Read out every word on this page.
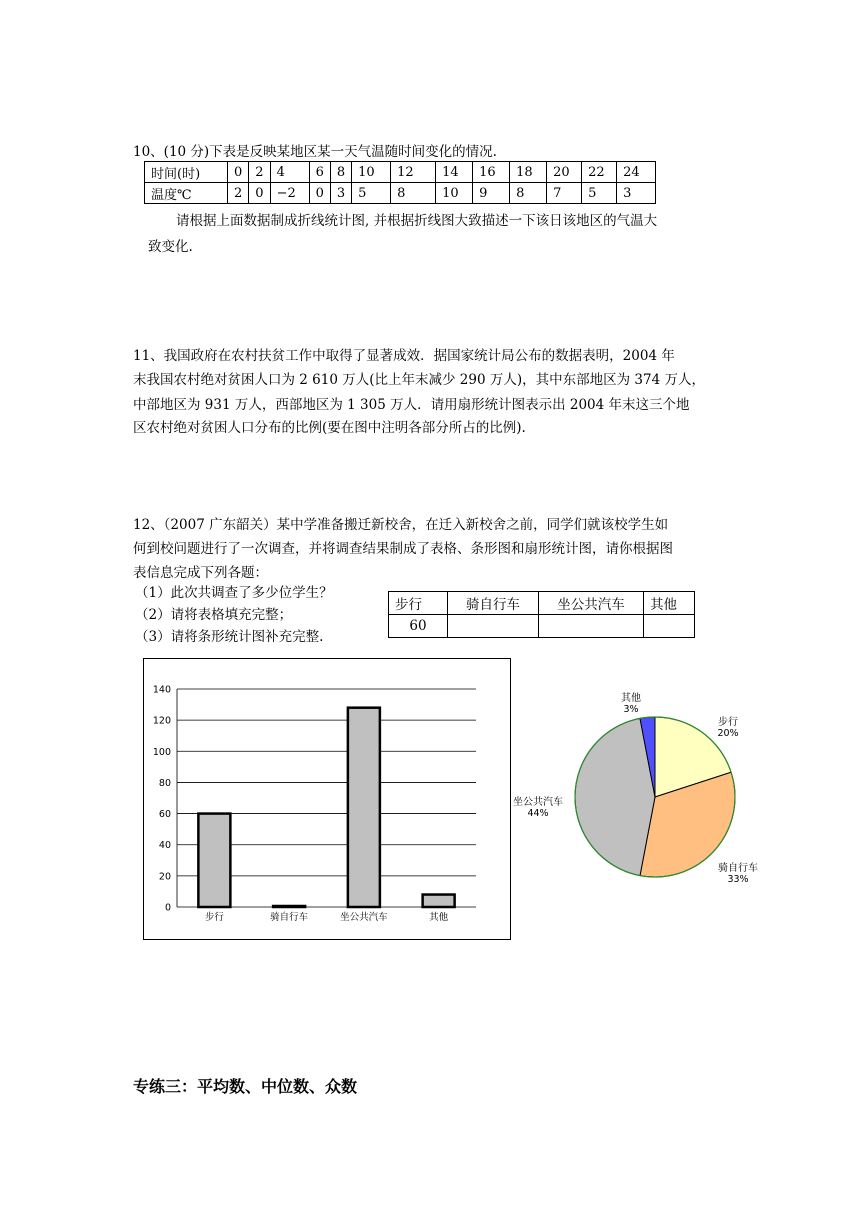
10、(10 分)下表是反映某地区某一天气温随时间变化的情况.
时间(时)	0	2	4	6	8	10	12	14	16	18	20	22	24
温度℃	2	0	−2	0	3	5	8	10	9	8	7	5	3
请根据上面数据制成折线统计图, 并根据折线图大致描述一下该日该地区的气温大
致变化.
11、我国政府在农村扶贫工作中取得了显著成效．据国家统计局公布的数据表明，2004 年
末我国农村绝对贫困人口为 2 610 万人(比上年末减少 290 万人)，其中东部地区为 374 万人，
中部地区为 931 万人，西部地区为 1 305 万人．请用扇形统计图表示出 2004 年末这三个地
区农村绝对贫困人口分布的比例(要在图中注明各部分所占的比例).
12、（2007 广东韶关）某中学准备搬迁新校舍，在迁入新校舍之前，同学们就该校学生如
何到校问题进行了一次调查，并将调查结果制成了表格、条形图和扇形统计图，请你根据图
表信息完成下列各题：
（1）此次共调查了多少位学生？
（2）请将表格填充完整；
（3）请将条形统计图补充完整.
步行	骑自行车	坐公共汽车	其他
60			
0
20
40
60
80
100
120
140
步行	骑自行车	坐公共汽车	其他
步行
20%
骑自行车
33%
坐公共汽车
44%
其他
3%
专练三：平均数、中位数、众数
